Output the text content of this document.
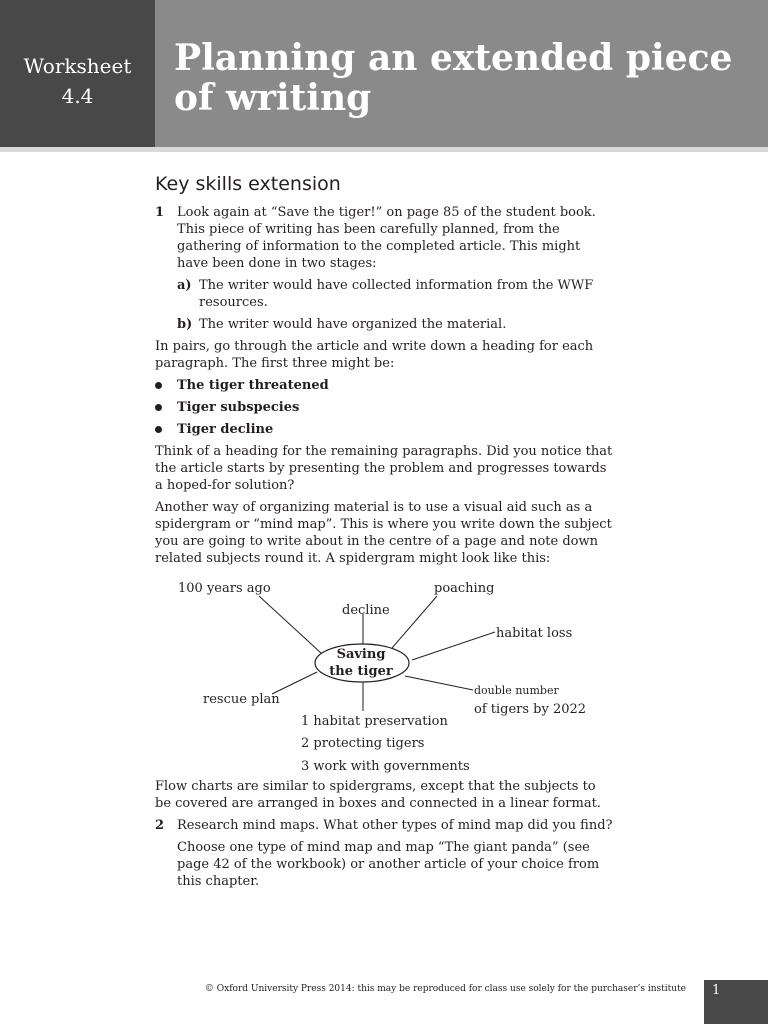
Worksheet
4.4
Planning an extended piece of writing
Key skills extension
1 Look again at “Save the tiger!” on page 85 of the student book. This piece of writing has been carefully planned, from the gathering of information to the completed article. This might have been done in two stages:
a) The writer would have collected information from the WWF resources.
b) The writer would have organized the material.

In pairs, go through the article and write down a heading for each paragraph. The first three might be:

The tiger threatened
Tiger subspecies
Tiger decline

Think of a heading for the remaining paragraphs. Did you notice that the article starts by presenting the problem and progresses towards a hoped-for solution?

Another way of organizing material is to use a visual aid such as a spidergram or “mind map”. This is where you write down the subject you are going to write about in the centre of a page and note down related subjects round it. A spidergram might look like this:

Saving
the tiger
100 years ago
decline
poaching
habitat loss
double number
of tigers by 2022
rescue plan
1 habitat preservation
2 protecting tigers
3 work with governments

Flow charts are similar to spidergrams, except that the subjects to be covered are arranged in boxes and connected in a linear format.

2 Research mind maps. What other types of mind map did you find?
Choose one type of mind map and map “The giant panda” (see page 42 of the workbook) or another article of your choice from this chapter.
© Oxford University Press 2014: this may be reproduced for class use solely for the purchaser’s institute 1
